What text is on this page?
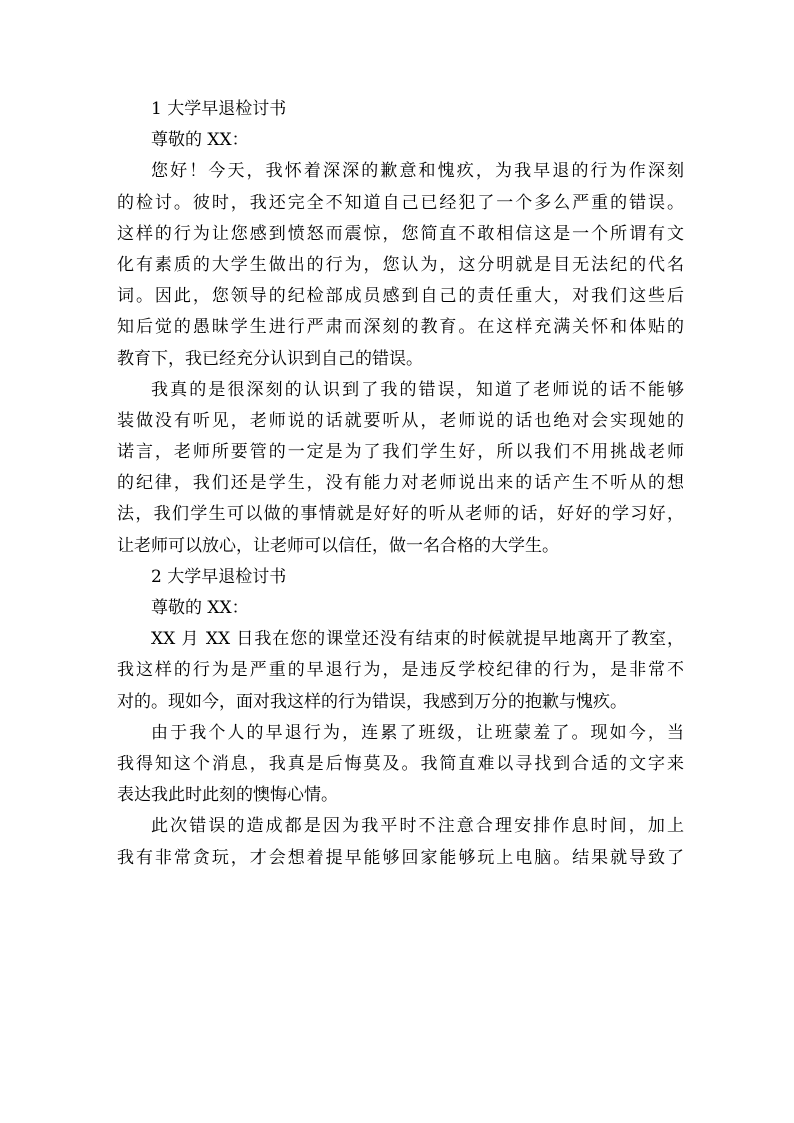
1 大学早退检讨书
尊敬的 XX：
您好！今天，我怀着深深的歉意和愧疚，为我早退的行为作深刻
的检讨。彼时，我还完全不知道自己已经犯了一个多么严重的错误。
这样的行为让您感到愤怒而震惊，您简直不敢相信这是一个所谓有文
化有素质的大学生做出的行为，您认为，这分明就是目无法纪的代名
词。因此，您领导的纪检部成员感到自己的责任重大，对我们这些后
知后觉的愚昧学生进行严肃而深刻的教育。在这样充满关怀和体贴的
教育下，我已经充分认识到自己的错误。
我真的是很深刻的认识到了我的错误，知道了老师说的话不能够
装做没有听见，老师说的话就要听从，老师说的话也绝对会实现她的
诺言，老师所要管的一定是为了我们学生好，所以我们不用挑战老师
的纪律，我们还是学生，没有能力对老师说出来的话产生不听从的想
法，我们学生可以做的事情就是好好的听从老师的话，好好的学习好，
让老师可以放心，让老师可以信任，做一名合格的大学生。
2 大学早退检讨书
尊敬的 XX：
XX 月 XX 日我在您的课堂还没有结束的时候就提早地离开了教室，
我这样的行为是严重的早退行为，是违反学校纪律的行为，是非常不
对的。现如今，面对我这样的行为错误，我感到万分的抱歉与愧疚。
由于我个人的早退行为，连累了班级，让班蒙羞了。现如今，当
我得知这个消息，我真是后悔莫及。我简直难以寻找到合适的文字来
表达我此时此刻的懊悔心情。
此次错误的造成都是因为我平时不注意合理安排作息时间，加上
我有非常贪玩，才会想着提早能够回家能够玩上电脑。结果就导致了
